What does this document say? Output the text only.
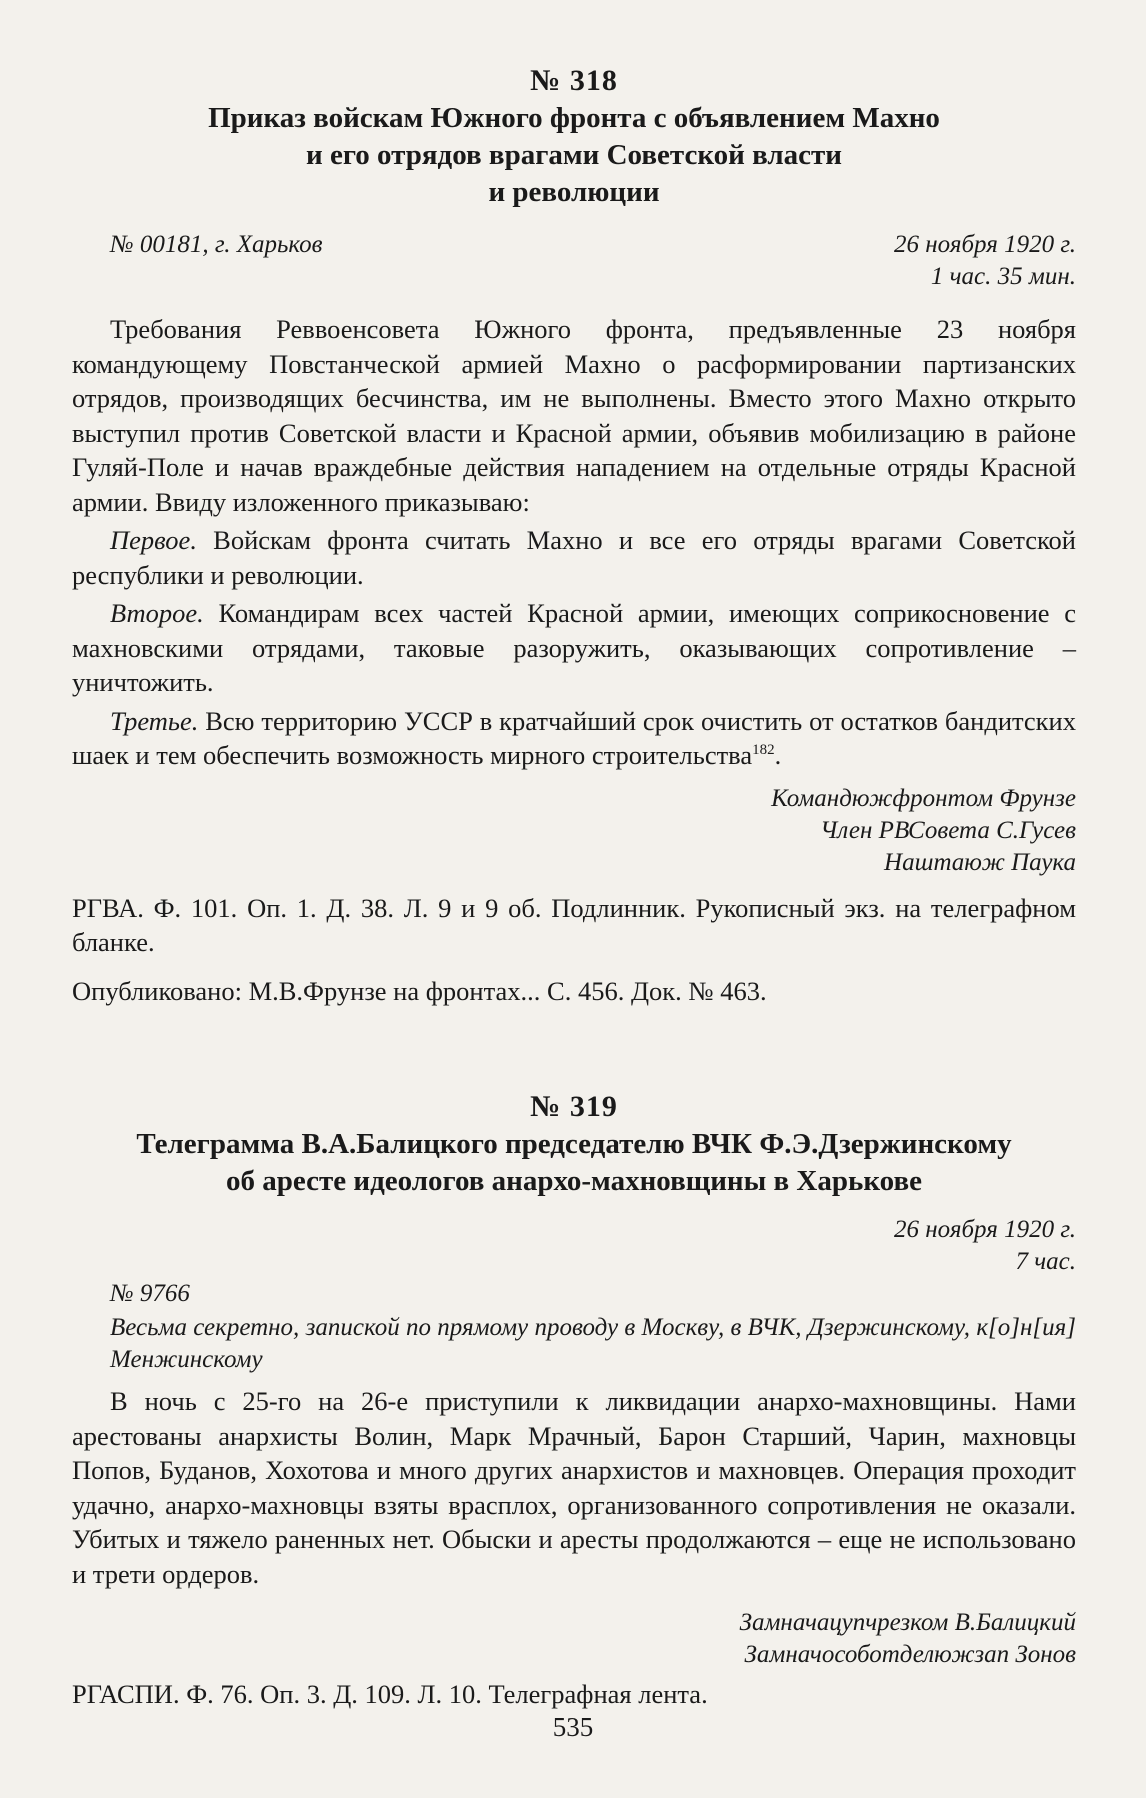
№ 318

Приказ войскам Южного фронта с объявлением Махно

и его отрядов врагами Советской власти

и революции

№ 00181, г. Харьков	26 ноября 1920 г.

1 час. 35 мин.

Требования Реввоенсовета Южного фронта, предъявленные 23 ноября командующему Повстанческой армией Махно о расформировании партизанских отрядов, производящих бесчинства, им не выполнены. Вместо этого Махно открыто выступил против Советской власти и Красной армии, объявив мобилизацию в районе Гуляй-Поле и начав враждебные действия нападением на отдельные отряды Красной армии. Ввиду изложенного приказываю:

Первое. Войскам фронта считать Махно и все его отряды врагами Советской республики и революции.

Второе. Командирам всех частей Красной армии, имеющих соприкосновение с махновскими отрядами, таковые разоружить, оказывающих сопротивление – уничтожить.

Третье. Всю территорию УССР в кратчайший срок очистить от остатков бандитских шаек и тем обеспечить возможность мирного строительства$^{182}$.

Командюжфронтом Фрунзе

Член РВСовета С.Гусев

Наштаюж Паука

РГВА. Ф. 101. Оп. 1. Д. 38. Л. 9 и 9 об. Подлинник. Рукописный экз. на телеграфном бланке.

Опубликовано: М.В.Фрунзе на фронтах... С. 456. Док. № 463.

№ 319

Телеграмма В.А.Балицкого председателю ВЧК Ф.Э.Дзержинскому

об аресте идеологов анархо-махновщины в Харькове

26 ноября 1920 г.

7 час.

№ 9766

Весьма секретно, запиской по прямому проводу в Москву, в ВЧК, Дзержинскому, к[о]н[ия] Менжинскому

В ночь с 25-го на 26-е приступили к ликвидации анархо-махновщины. Нами арестованы анархисты Волин, Марк Мрачный, Барон Старший, Чарин, махновцы Попов, Буданов, Хохотова и много других анархистов и махновцев. Операция проходит удачно, анархо-махновцы взяты врасплох, организованного сопротивления не оказали. Убитых и тяжело раненных нет. Обыски и аресты продолжаются – еще не использовано и трети ордеров.

Замначацупчрезком В.Балицкий

Замначособотделюжзап Зонов

РГАСПИ. Ф. 76. Оп. 3. Д. 109. Л. 10. Телеграфная лента.

535
